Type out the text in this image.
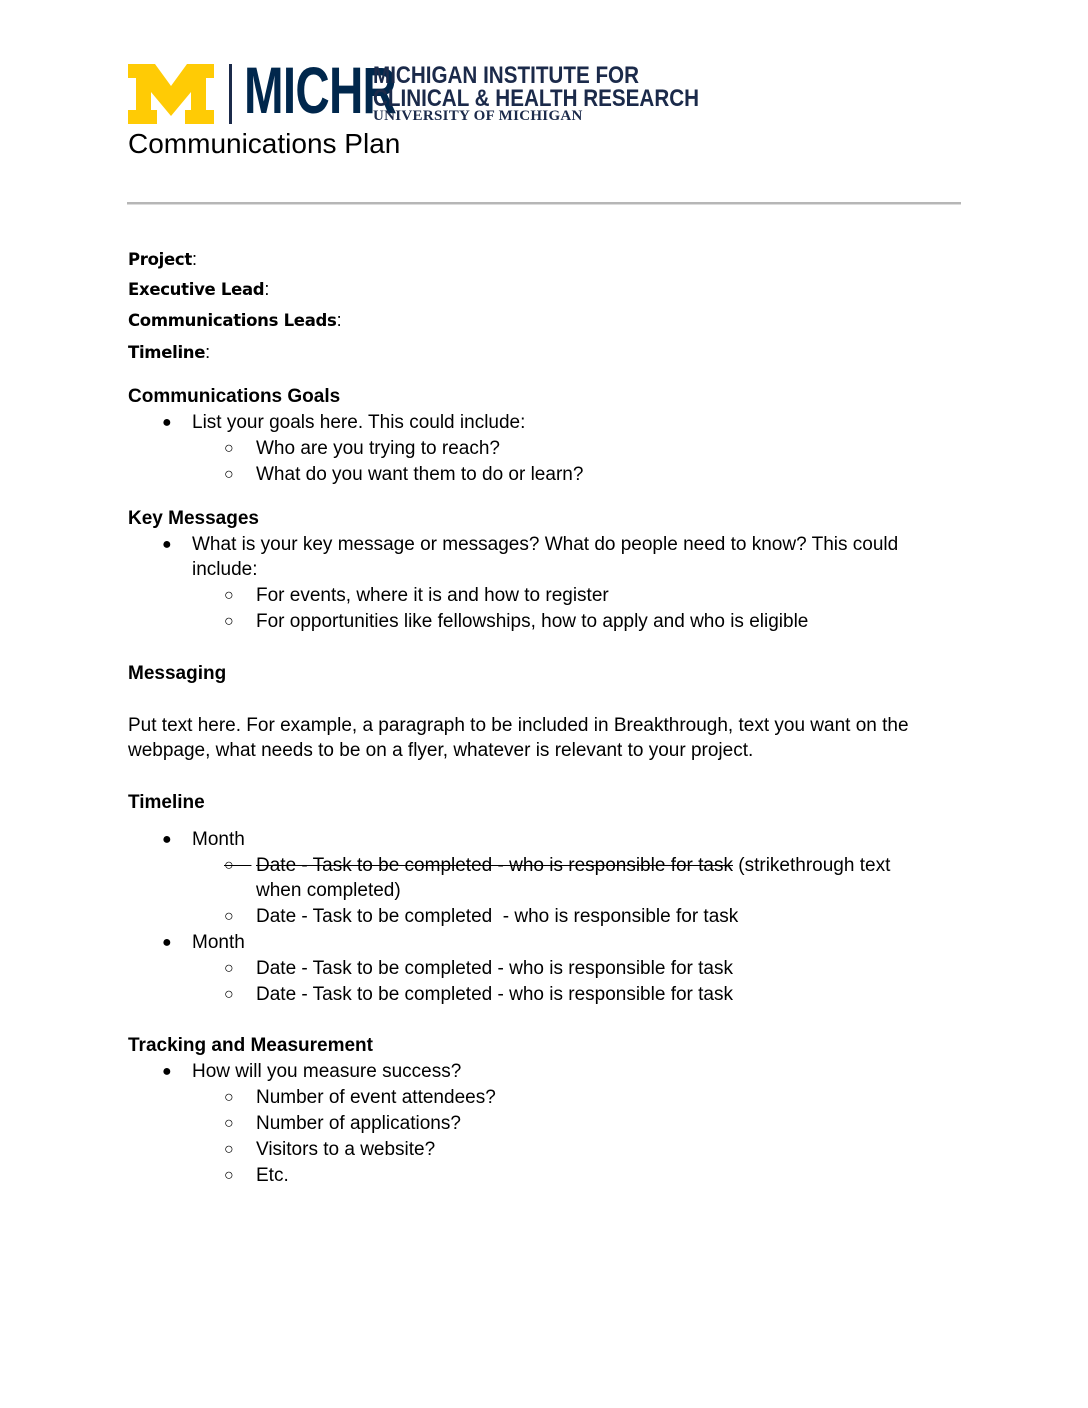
MICHR
MICHIGAN INSTITUTE FOR
CLINICAL & HEALTH RESEARCH
UNIVERSITY OF MICHIGAN
Communications Plan
Project:
Executive Lead:
Communications Leads:
Timeline:
Communications Goals
● List your goals here. This could include:
○ Who are you trying to reach?
○ What do you want them to do or learn?
Key Messages
● What is your key message or messages? What do people need to know? This could
include:
○ For events, where it is and how to register
○ For opportunities like fellowships, how to apply and who is eligible
Messaging
Put text here. For example, a paragraph to be included in Breakthrough, text you want on the
webpage, what needs to be on a flyer, whatever is relevant to your project.
Timeline
● Month
○ Date - Task to be completed - who is responsible for task (strikethrough text
when completed)
○ Date - Task to be completed  - who is responsible for task
● Month
○ Date - Task to be completed - who is responsible for task
○ Date - Task to be completed - who is responsible for task
Tracking and Measurement
● How will you measure success?
○ Number of event attendees?
○ Number of applications?
○ Visitors to a website?
○ Etc.
